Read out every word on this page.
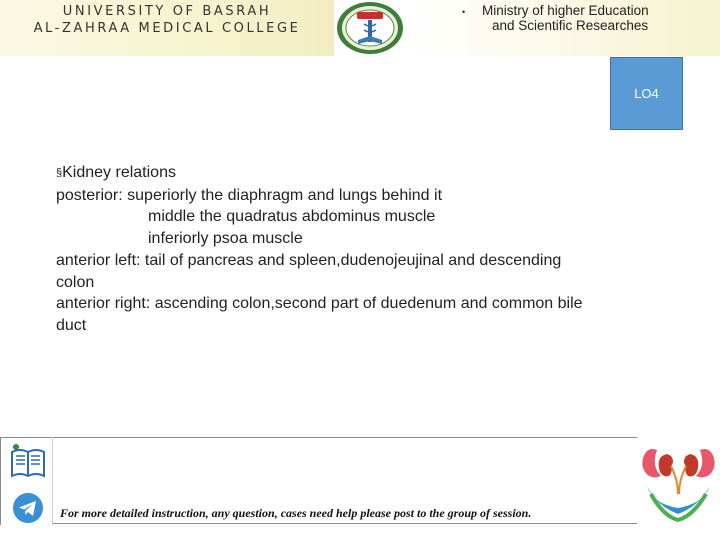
UNIVERSITY OF BASRAH
AL-ZAHRAA MEDICAL COLLEGE
• Ministry of higher Education
and Scientific Researches
LO4
§Kidney relations
posterior: superiorly the diaphragm and lungs behind it
middle the quadratus abdominus muscle
inferiorly psoa muscle
anterior left: tail of pancreas and spleen,dudenojeujinal and descending
colon
anterior right: ascending colon,second part of duedenum and common bile
duct
For more detailed instruction, any question, cases need help please post to the group of session.
